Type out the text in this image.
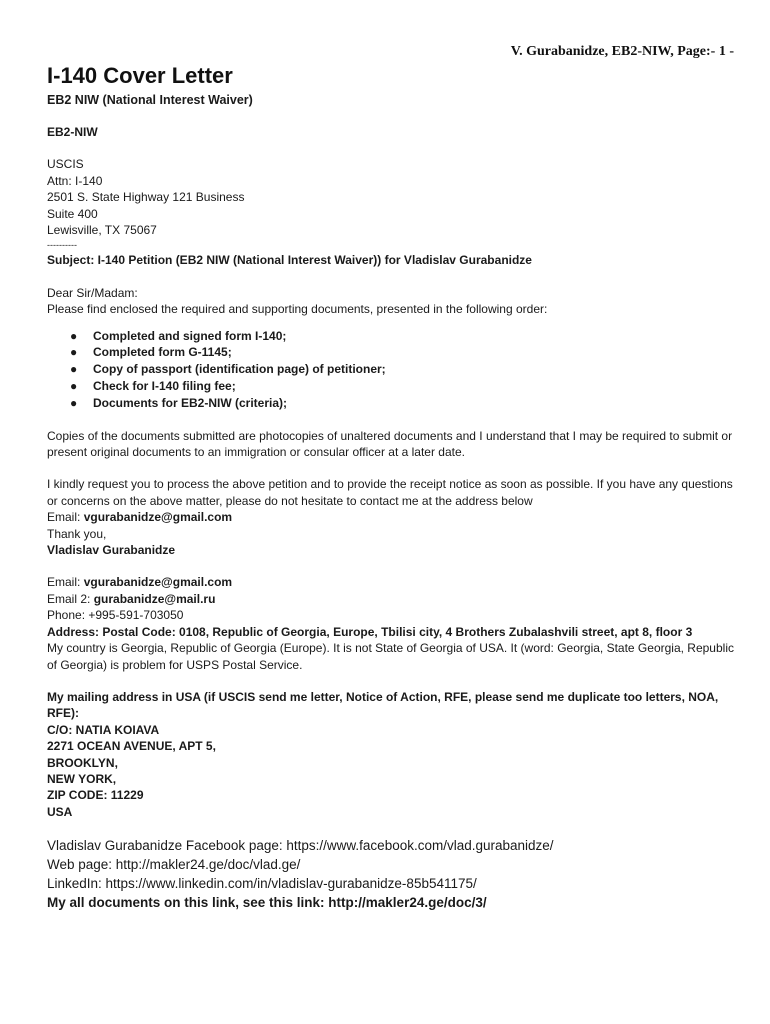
V. Gurabanidze, EB2-NIW, Page:- 1 -
I-140 Cover Letter
EB2 NIW (National Interest Waiver)
EB2-NIW
USCIS
Attn: I-140
2501 S. State Highway 121 Business
Suite 400
Lewisville, TX 75067
----------
Subject: I-140 Petition (EB2 NIW (National Interest Waiver)) for Vladislav Gurabanidze
Dear Sir/Madam:
Please find enclosed the required and supporting documents, presented in the following order:
● Completed and signed form I-140;
● Completed form G-1145;
● Copy of passport (identification page) of petitioner;
● Check for I-140 filing fee;
● Documents for EB2-NIW (criteria);
Copies of the documents submitted are photocopies of unaltered documents and I understand that I may be required to submit or present original documents to an immigration or consular officer at a later date.
I kindly request you to process the above petition and to provide the receipt notice as soon as possible. If you have any questions or concerns on the above matter, please do not hesitate to contact me at the address below
Email: vgurabanidze@gmail.com
Thank you,
Vladislav Gurabanidze
Email: vgurabanidze@gmail.com
Email 2: gurabanidze@mail.ru
Phone: +995-591-703050
Address: Postal Code: 0108, Republic of Georgia, Europe, Tbilisi city, 4 Brothers Zubalashvili street, apt 8, floor 3
My country is Georgia, Republic of Georgia (Europe). It is not State of Georgia of USA. It (word: Georgia, State Georgia, Republic of Georgia) is problem for USPS Postal Service.
My mailing address in USA (if USCIS send me letter, Notice of Action, RFE, please send me duplicate too letters, NOA, RFE):
C/O: NATIA KOIAVA
2271 OCEAN AVENUE, APT 5,
BROOKLYN,
NEW YORK,
ZIP CODE: 11229
USA
Vladislav Gurabanidze Facebook page: https://www.facebook.com/vlad.gurabanidze/
Web page: http://makler24.ge/doc/vlad.ge/
LinkedIn: https://www.linkedin.com/in/vladislav-gurabanidze-85b541175/
My all documents on this link, see this link: http://makler24.ge/doc/3/
